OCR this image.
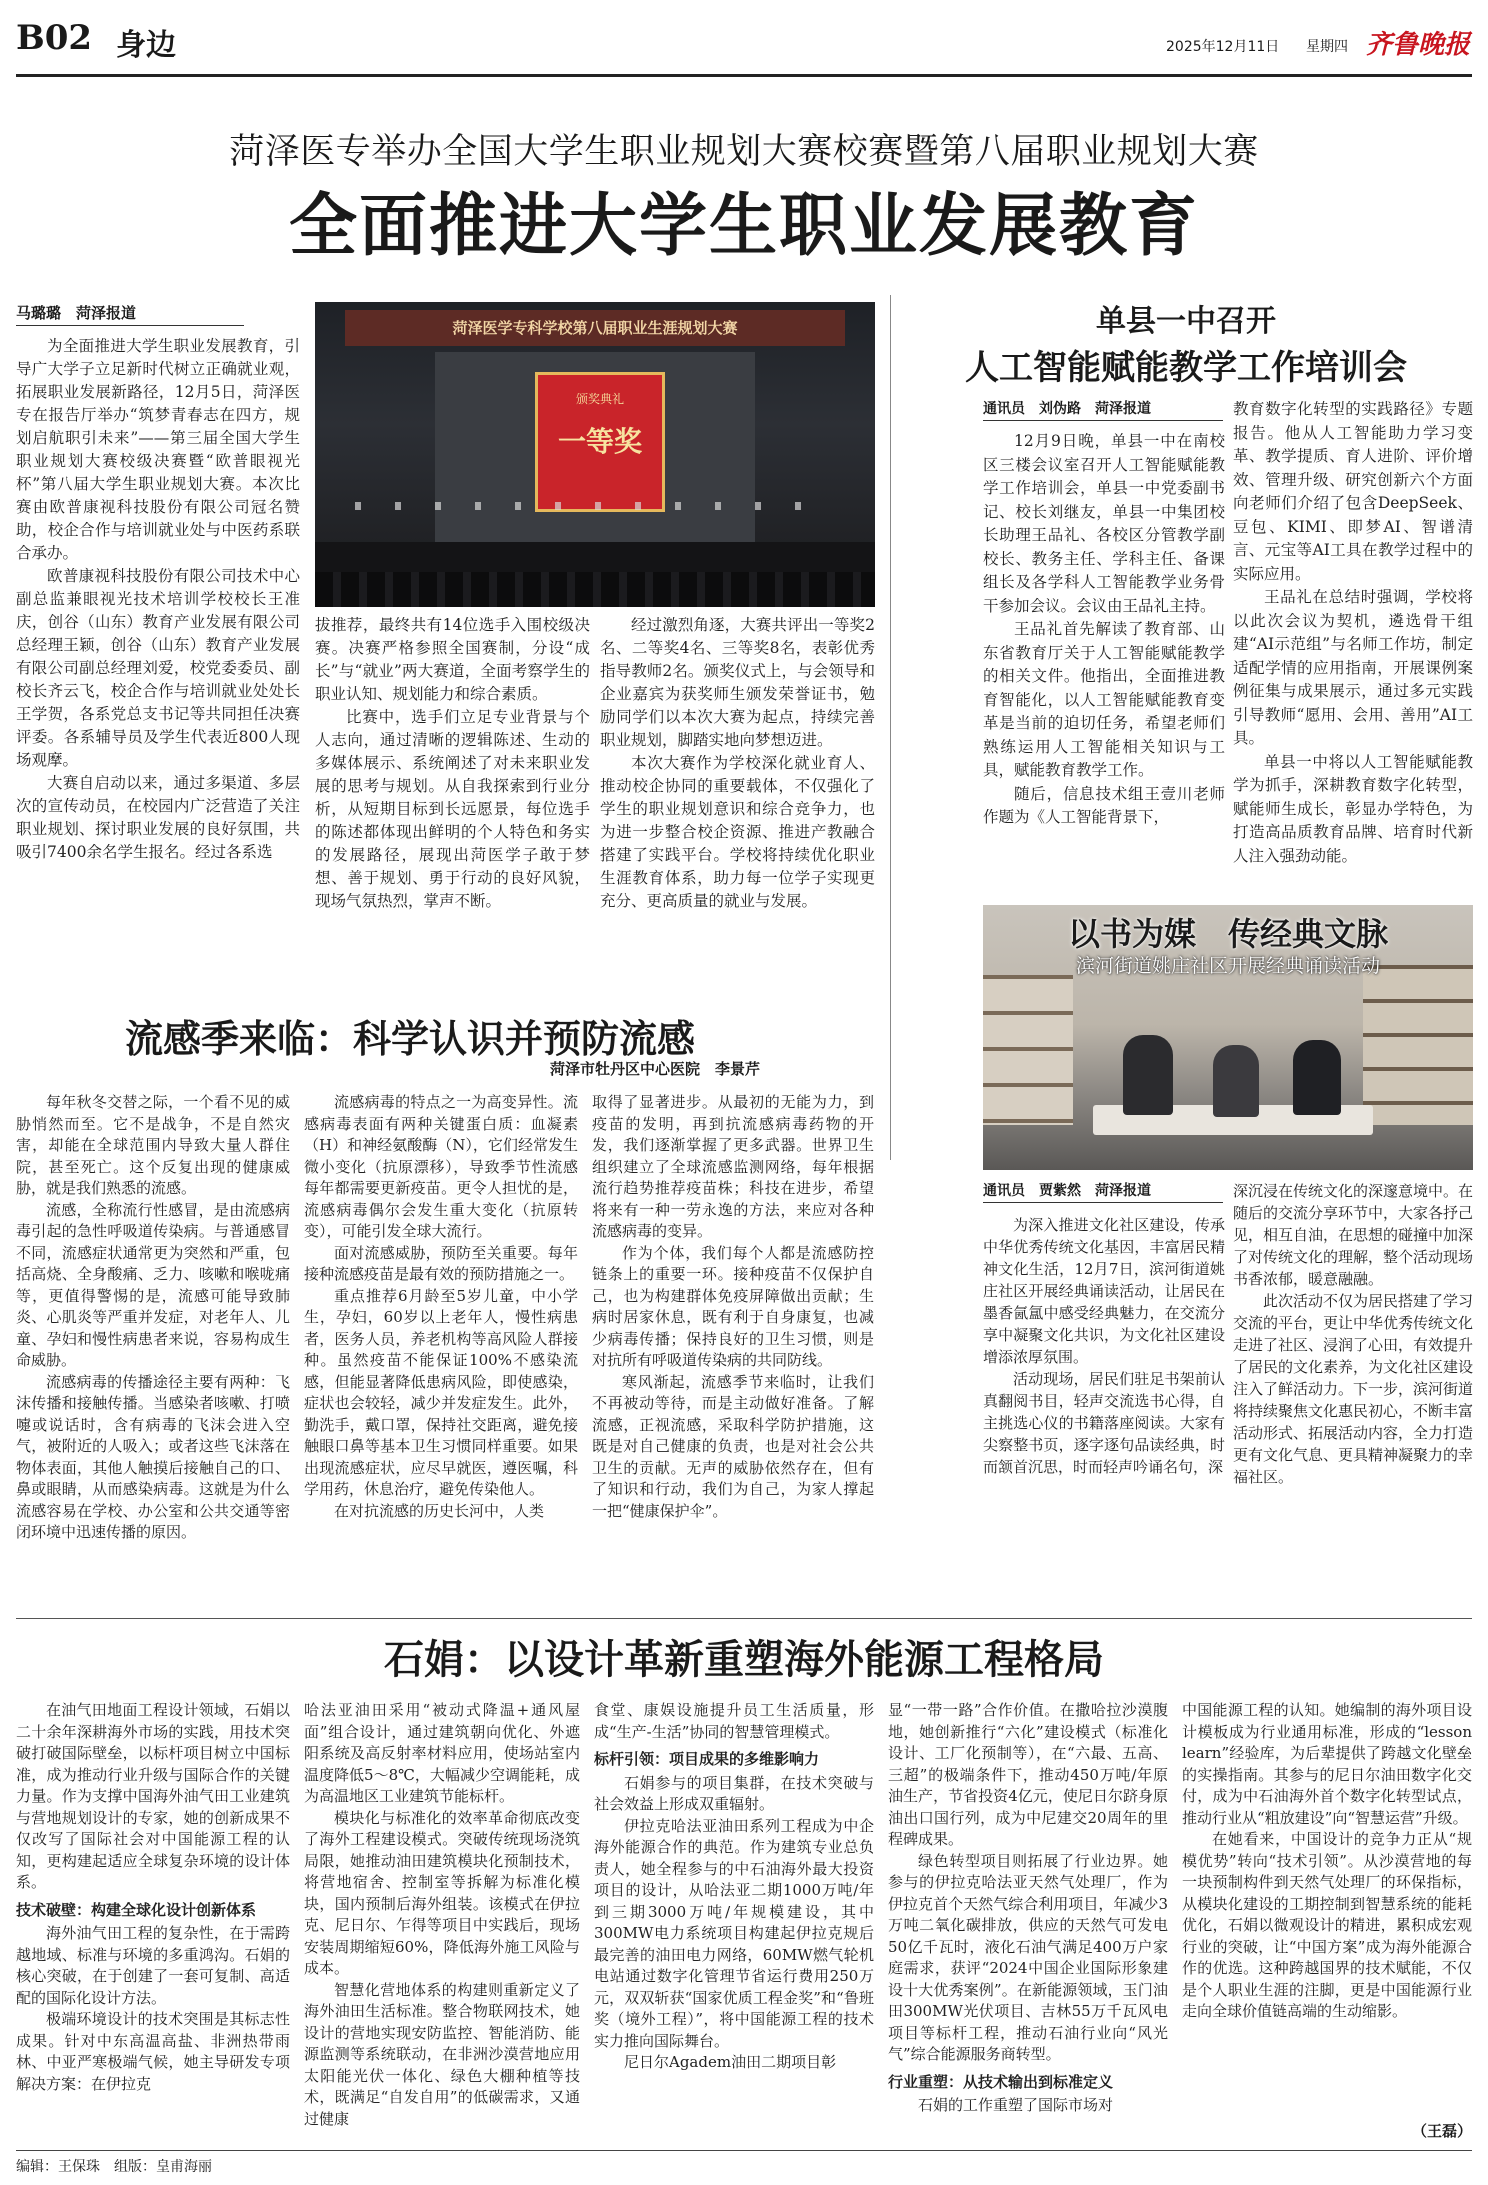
B02 身边	2025年12月11日 星期四 齐鲁晚报
菏泽医专举办全国大学生职业规划大赛校赛暨第八届职业规划大赛
全面推进大学生职业发展教育
马璐璐　菏泽报道
菏泽医学专科学校第八届职业生涯规划大赛
颁奖典礼
一等奖

为全面推进大学生职业发展教育，引导广大学子立足新时代树立正确就业观，拓展职业发展新路径，12月5日，菏泽医专在报告厅举办“筑梦青春志在四方，规划启航职引未来”——第三届全国大学生职业规划大赛校级决赛暨“欧普眼视光杯”第八届大学生职业规划大赛。本次比赛由欧普康视科技股份有限公司冠名赞助，校企合作与培训就业处与中医药系联合承办。

欧普康视科技股份有限公司技术中心副总监兼眼视光技术培训学校校长王准庆，创谷（山东）教育产业发展有限公司总经理王颖，创谷（山东）教育产业发展有限公司副总经理刘爱，校党委委员、副校长齐云飞，校企合作与培训就业处处长王学贺，各系党总支书记等共同担任决赛评委。各系辅导员及学生代表近800人现场观摩。

大赛自启动以来，通过多渠道、多层次的宣传动员，在校园内广泛营造了关注职业规划、探讨职业发展的良好氛围，共吸引7400余名学生报名。经过各系选

拔推荐，最终共有14位选手入围校级决赛。决赛严格参照全国赛制，分设“成长”与“就业”两大赛道，全面考察学生的职业认知、规划能力和综合素质。

比赛中，选手们立足专业背景与个人志向，通过清晰的逻辑陈述、生动的多媒体展示、系统阐述了对未来职业发展的思考与规划。从自我探索到行业分析，从短期目标到长远愿景，每位选手的陈述都体现出鲜明的个人特色和务实的发展路径，展现出菏医学子敢于梦想、善于规划、勇于行动的良好风貌，现场气氛热烈，掌声不断。

经过激烈角逐，大赛共评出一等奖2名、二等奖4名、三等奖8名，表彰优秀指导教师2名。颁奖仪式上，与会领导和企业嘉宾为获奖师生颁发荣誉证书，勉励同学们以本次大赛为起点，持续完善职业规划，脚踏实地向梦想迈进。

本次大赛作为学校深化就业育人、推动校企协同的重要载体，不仅强化了学生的职业规划意识和综合竞争力，也为进一步整合校企资源、推进产教融合搭建了实践平台。学校将持续优化职业生涯教育体系，助力每一位学子实现更充分、更高质量的就业与发展。

单县一中召开
人工智能赋能教学工作培训会
通讯员　刘伪路　菏泽报道

12月9日晚，单县一中在南校区三楼会议室召开人工智能赋能教学工作培训会，单县一中党委副书记、校长刘继友，单县一中集团校长助理王品礼、各校区分管教学副校长、教务主任、学科主任、备课组长及各学科人工智能教学业务骨干参加会议。会议由王品礼主持。

王品礼首先解读了教育部、山东省教育厅关于人工智能赋能教学的相关文件。他指出，全面推进教育智能化，以人工智能赋能教育变革是当前的迫切任务，希望老师们熟练运用人工智能相关知识与工具，赋能教育教学工作。

随后，信息技术组王壹川老师作题为《人工智能背景下，

教育数字化转型的实践路径》专题报告。他从人工智能助力学习变革、教学提质、育人进阶、评价增效、管理升级、研究创新六个方面向老师们介绍了包含DeepSeek、豆包、KIMI、即梦AI、智谱清言、元宝等AI工具在教学过程中的实际应用。

王品礼在总结时强调，学校将以此次会议为契机，遴选骨干组建“AI示范组”与名师工作坊，制定适配学情的应用指南，开展课例案例征集与成果展示，通过多元实践引导教师“愿用、会用、善用”AI工具。

单县一中将以人工智能赋能教学为抓手，深耕教育数字化转型，赋能师生成长，彰显办学特色，为打造高品质教育品牌、培育时代新人注入强劲动能。

流感季来临：科学认识并预防流感
菏泽市牡丹区中心医院　李景芹

每年秋冬交替之际，一个看不见的威胁悄然而至。它不是战争，不是自然灾害，却能在全球范围内导致大量人群住院，甚至死亡。这个反复出现的健康威胁，就是我们熟悉的流感。

流感，全称流行性感冒，是由流感病毒引起的急性呼吸道传染病。与普通感冒不同，流感症状通常更为突然和严重，包括高烧、全身酸痛、乏力、咳嗽和喉咙痛等，更值得警惕的是，流感可能导致肺炎、心肌炎等严重并发症，对老年人、儿童、孕妇和慢性病患者来说，容易构成生命威胁。

流感病毒的传播途径主要有两种：飞沫传播和接触传播。当感染者咳嗽、打喷嚏或说话时，含有病毒的飞沫会进入空气，被附近的人吸入；或者这些飞沫落在物体表面，其他人触摸后接触自己的口、鼻或眼睛，从而感染病毒。这就是为什么流感容易在学校、办公室和公共交通等密闭环境中迅速传播的原因。

流感病毒的特点之一为高变异性。流感病毒表面有两种关键蛋白质：血凝素（H）和神经氨酸酶（N），它们经常发生微小变化（抗原漂移），导致季节性流感每年都需要更新疫苗。更令人担忧的是，流感病毒偶尔会发生重大变化（抗原转变），可能引发全球大流行。

面对流感威胁，预防至关重要。每年接种流感疫苗是最有效的预防措施之一。

重点推荐6月龄至5岁儿童，中小学生，孕妇，60岁以上老年人，慢性病患者，医务人员，养老机构等高风险人群接种。虽然疫苗不能保证100%不感染流感，但能显著降低患病风险，即使感染，症状也会较轻，减少并发症发生。此外，勤洗手，戴口罩，保持社交距离，避免接触眼口鼻等基本卫生习惯同样重要。如果出现流感症状，应尽早就医，遵医嘱，科学用药，休息治疗，避免传染他人。

在对抗流感的历史长河中，人类

取得了显著进步。从最初的无能为力，到疫苗的发明，再到抗流感病毒药物的开发，我们逐渐掌握了更多武器。世界卫生组织建立了全球流感监测网络，每年根据流行趋势推荐疫苗株；科技在进步，希望将来有一种一劳永逸的方法，来应对各种流感病毒的变异。

作为个体，我们每个人都是流感防控链条上的重要一环。接种疫苗不仅保护自己，也为构建群体免疫屏障做出贡献；生病时居家休息，既有利于自身康复，也减少病毒传播；保持良好的卫生习惯，则是对抗所有呼吸道传染病的共同防线。

寒风渐起，流感季节来临时，让我们不再被动等待，而是主动做好准备。了解流感，正视流感，采取科学防护措施，这既是对自己健康的负责，也是对社会公共卫生的贡献。无声的威胁依然存在，但有了知识和行动，我们为自己，为家人撑起一把“健康保护伞”。

以书为媒　传经典文脉
滨河街道姚庄社区开展经典诵读活动
通讯员　贾紫然　菏泽报道

为深入推进文化社区建设，传承中华优秀传统文化基因，丰富居民精神文化生活，12月7日，滨河街道姚庄社区开展经典诵读活动，让居民在墨香氤氲中感受经典魅力，在交流分享中凝聚文化共识，为文化社区建设增添浓厚氛围。

活动现场，居民们驻足书架前认真翻阅书目，轻声交流选书心得，自主挑选心仪的书籍落座阅读。大家有尖察整书页，逐字逐句品读经典，时而颔首沉思，时而轻声吟诵名句，深

深沉浸在传统文化的深邃意境中。在随后的交流分享环节中，大家各抒己见，相互自油，在思想的碰撞中加深了对传统文化的理解，整个活动现场书香浓郁，暖意融融。

此次活动不仅为居民搭建了学习交流的平台，更让中华优秀传统文化走进了社区、浸润了心田，有效提升了居民的文化素养，为文化社区建设注入了鲜活动力。下一步，滨河街道将持续聚焦文化惠民初心，不断丰富活动形式、拓展活动内容，全力打造更有文化气息、更具精神凝聚力的幸福社区。

石娟：以设计革新重塑海外能源工程格局

在油气田地面工程设计领域，石娟以二十余年深耕海外市场的实践，用技术突破打破国际壁垒，以标杆项目树立中国标准，成为推动行业升级与国际合作的关键力量。作为支撑中国海外油气田工业建筑与营地规划设计的专家，她的创新成果不仅改写了国际社会对中国能源工程的认知，更构建起适应全球复杂环境的设计体系。

技术破壁：构建全球化设计创新体系

海外油气田工程的复杂性，在于需跨越地域、标准与环境的多重鸿沟。石娟的核心突破，在于创建了一套可复制、高适配的国际化设计方法。

极端环境设计的技术突围是其标志性成果。针对中东高温高盐、非洲热带雨林、中亚严寒极端气候，她主导研发专项解决方案：在伊拉克

哈法亚油田采用“被动式降温+通风屋面”组合设计，通过建筑朝向优化、外遮阳系统及高反射率材料应用，使场站室内温度降低5～8℃，大幅减少空调能耗，成为高温地区工业建筑节能标杆。

模块化与标准化的效率革命彻底改变了海外工程建设模式。突破传统现场浇筑局限，她推动油田建筑模块化预制技术，将营地宿舍、控制室等拆解为标准化模块，国内预制后海外组装。该模式在伊拉克、尼日尔、乍得等项目中实践后，现场安装周期缩短60%，降低海外施工风险与成本。

智慧化营地体系的构建则重新定义了海外油田生活标准。整合物联网技术，她设计的营地实现安防监控、智能消防、能源监测等系统联动，在非洲沙漠营地应用太阳能光伏一体化、绿色大棚种植等技术，既满足“自发自用”的低碳需求，又通过健康

食堂、康娱设施提升员工生活质量，形成“生产-生活”协同的智慧管理模式。

标杆引领：项目成果的多维影响力

石娟参与的项目集群，在技术突破与社会效益上形成双重辐射。

伊拉克哈法亚油田系列工程成为中企海外能源合作的典范。作为建筑专业总负责人，她全程参与的中石油海外最大投资项目的设计，从哈法亚二期1000万吨/年到三期3000万吨/年规模建设，其中300MW电力系统项目构建起伊拉克规后最完善的油田电力网络，60MW燃气轮机电站通过数字化管理节省运行费用250万元，双双斩获“国家优质工程金奖”和“鲁班奖（境外工程）”，将中国能源工程的技术实力推向国际舞台。

尼日尔Agadem油田二期项目彰

显“一带一路”合作价值。在撒哈拉沙漠腹地，她创新推行“六化”建设模式（标准化设计、工厂化预制等），在“六最、五高、三超”的极端条件下，推动450万吨/年原油生产，节省投资4亿元，使尼日尔跻身原油出口国行列，成为中尼建交20周年的里程碑成果。

绿色转型项目则拓展了行业边界。她参与的伊拉克哈法亚天然气处理厂，作为伊拉克首个天然气综合利用项目，年减少3万吨二氧化碳排放，供应的天然气可发电50亿千瓦时，液化石油气满足400万户家庭需求，获评“2024中国企业国际形象建设十大优秀案例”。在新能源领域，玉门油田300MW光伏项目、吉林55万千瓦风电项目等标杆工程，推动石油行业向“风光气”综合能源服务商转型。

行业重塑：从技术输出到标准定义

石娟的工作重塑了国际市场对

中国能源工程的认知。她编制的海外项目设计模板成为行业通用标准，形成的“lesson learn”经验库，为后辈提供了跨越文化壁垒的实操指南。其参与的尼日尔油田数字化交付，成为中石油海外首个数字化转型试点，推动行业从“粗放建设”向“智慧运营”升级。

在她看来，中国设计的竞争力正从“规模优势”转向“技术引领”。从沙漠营地的每一块预制构件到天然气处理厂的环保指标，从模块化建设的工期控制到智慧系统的能耗优化，石娟以微观设计的精进，累积成宏观行业的突破，让“中国方案”成为海外能源合作的优选。这种跨越国界的技术赋能，不仅是个人职业生涯的注脚，更是中国能源行业走向全球价值链高端的生动缩影。

（王磊）
编辑：王保珠　组版：皇甫海丽
